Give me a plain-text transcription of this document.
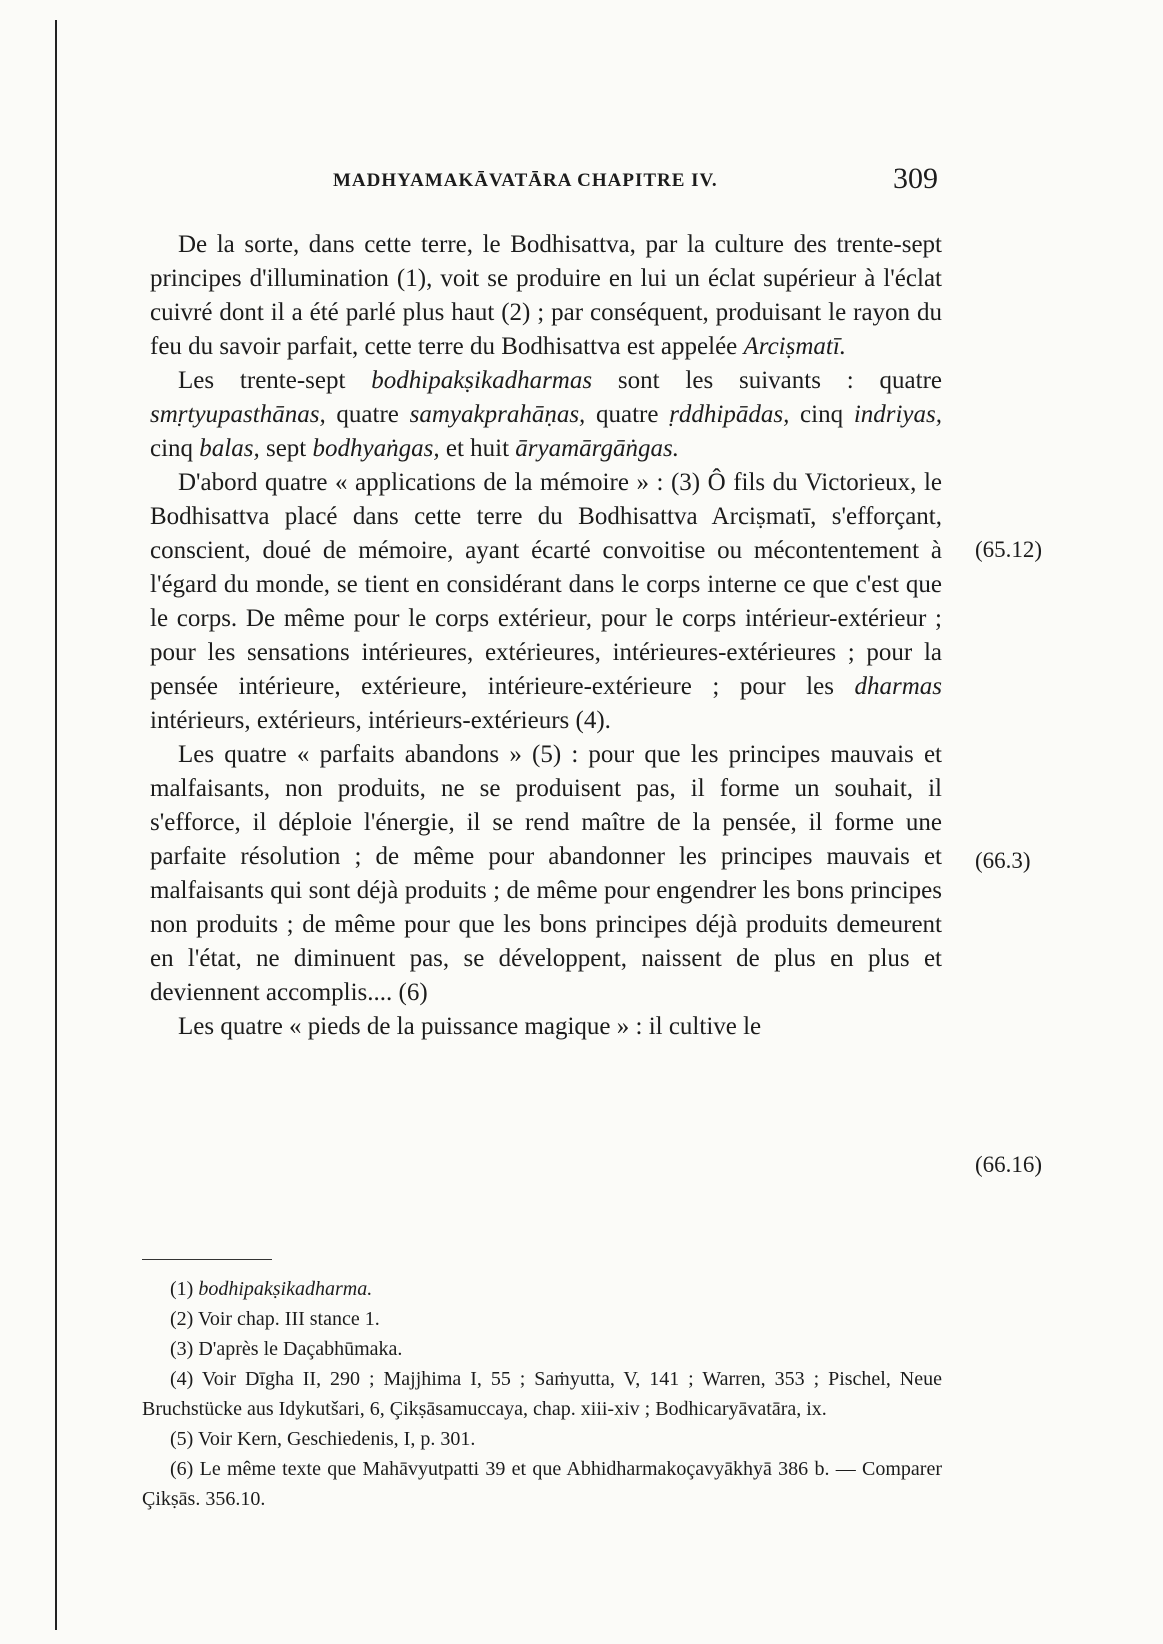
MADHYAMAKĀVATĀRA CHAPITRE IV.	309

De la sorte, dans cette terre, le Bodhisattva, par la culture des trente-sept principes d'illumination (1), voit se produire en lui un éclat supérieur à l'éclat cuivré dont il a été parlé plus haut (2) ; par conséquent, produisant le rayon du feu du savoir parfait, cette terre du Bodhisattva est appelée Arciṣmatī.

Les trente-sept bodhipakṣikadharmas sont les suivants : quatre smṛtyupasthānas, quatre samyakprahāṇas, quatre ṛddhipādas, cinq indriyas, cinq balas, sept bodhyaṅgas, et huit āryamārgāṅgas.

D'abord quatre « applications de la mémoire » : (3) Ô fils du Victorieux, le Bodhisattva placé dans cette terre du Bodhisattva Arciṣmatī, s'efforçant, conscient, doué de mémoire, ayant écarté convoitise ou mécontentement à l'égard du monde, se tient en considérant dans le corps interne ce que c'est que le corps. De même pour le corps extérieur, pour le corps intérieur-extérieur ; pour les sensations intérieures, extérieures, intérieures-extérieures ; pour la pensée intérieure, extérieure, intérieure-extérieure ; pour les dharmas intérieurs, extérieurs, intérieurs-extérieurs (4).

Les quatre « parfaits abandons » (5) : pour que les principes mauvais et malfaisants, non produits, ne se produisent pas, il forme un souhait, il s'efforce, il déploie l'énergie, il se rend maître de la pensée, il forme une parfaite résolution ; de même pour abandonner les principes mauvais et malfaisants qui sont déjà produits ; de même pour engendrer les bons principes non produits ; de même pour que les bons principes déjà produits demeurent en l'état, ne diminuent pas, se développent, naissent de plus en plus et deviennent accomplis.... (6)

Les quatre « pieds de la puissance magique » : il cultive le

(65.12)
(66.3)
(66.16)

(1) bodhipakṣikadharma.

(2) Voir chap. III stance 1.

(3) D'après le Daçabhūmaka.

(4) Voir Dīgha II, 290 ; Majjhima I, 55 ; Saṁyutta, V, 141 ; Warren, 353 ; Pischel, Neue Bruchstücke aus Idykutšari, 6, Çikṣāsamuccaya, chap. xiii-xiv ; Bodhicaryāvatāra, ix.

(5) Voir Kern, Geschiedenis, I, p. 301.

(6) Le même texte que Mahāvyutpatti 39 et que Abhidharmakoçavyākhyā 386 b. — Comparer Çikṣās. 356.10.
